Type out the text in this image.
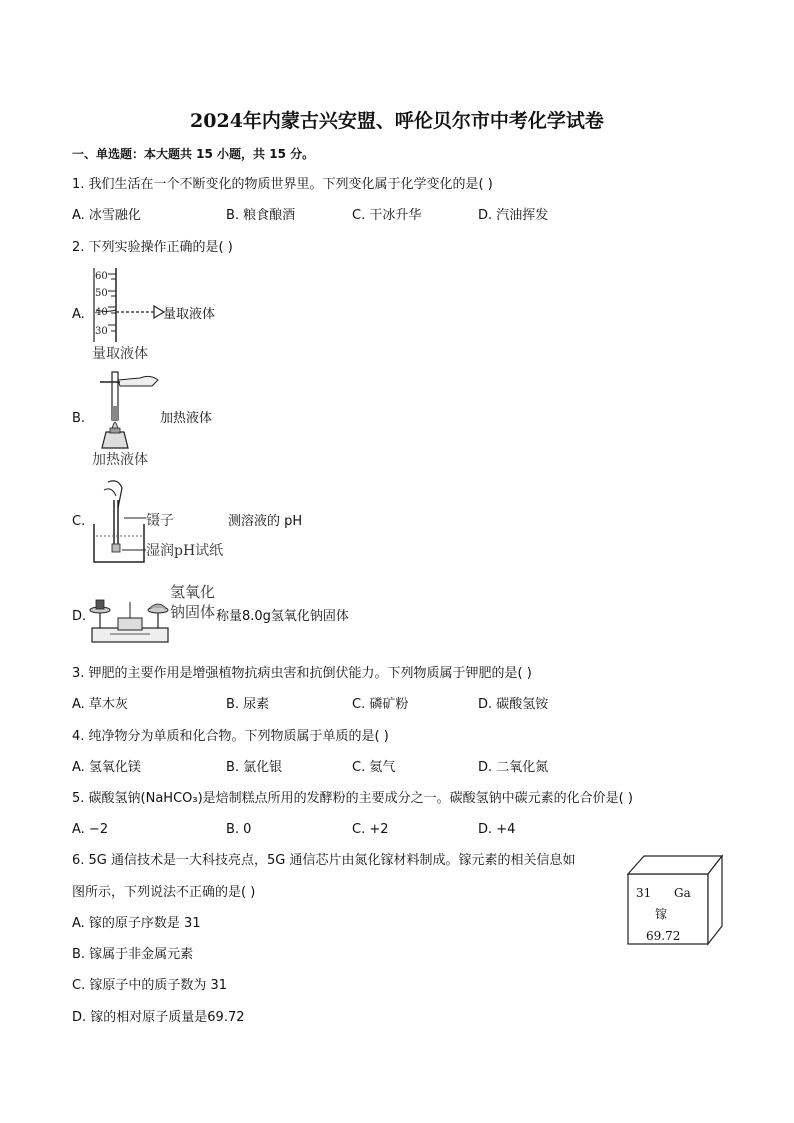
2024年内蒙古兴安盟、呼伦贝尔市中考化学试卷
一、单选题：本大题共 15 小题，共 15 分。
1. 我们生活在一个不断变化的物质世界里。下列变化属于化学变化的是( )
A. 冰雪融化	B. 粮食酿酒	C. 干冰升华	D. 汽油挥发
2. 下列实验操作正确的是( )
A.
60
50
40
30
量取液体
量取液体
B.	加热液体
加热液体
C.	镊子
湿润pH试纸
测溶液的 pH
D.
氢氧化
钠固体 称量8.0g氢氧化钠固体
3. 钾肥的主要作用是增强植物抗病虫害和抗倒伏能力。下列物质属于钾肥的是( )
A. 草木灰	B. 尿素	C. 磷矿粉	D. 碳酸氢铵
4. 纯净物分为单质和化合物。下列物质属于单质的是( )
A. 氢氧化镁	B. 氯化银	C. 氦气	D. 二氧化氮
5. 碳酸氢钠(NaHCO₃)是焙制糕点所用的发酵粉的主要成分之一。碳酸氢钠中碳元素的化合价是( )
A. −2	B. 0	C. +2	D. +4
6. 5G 通信技术是一大科技亮点，5G 通信芯片由氮化镓材料制成。镓元素的相关信息如
图所示，下列说法不正确的是( )
A. 镓的原子序数是 31
B. 镓属于非金属元素
C. 镓原子中的质子数为 31
D. 镓的相对原子质量是69.72
31 Ga
镓
69.72
